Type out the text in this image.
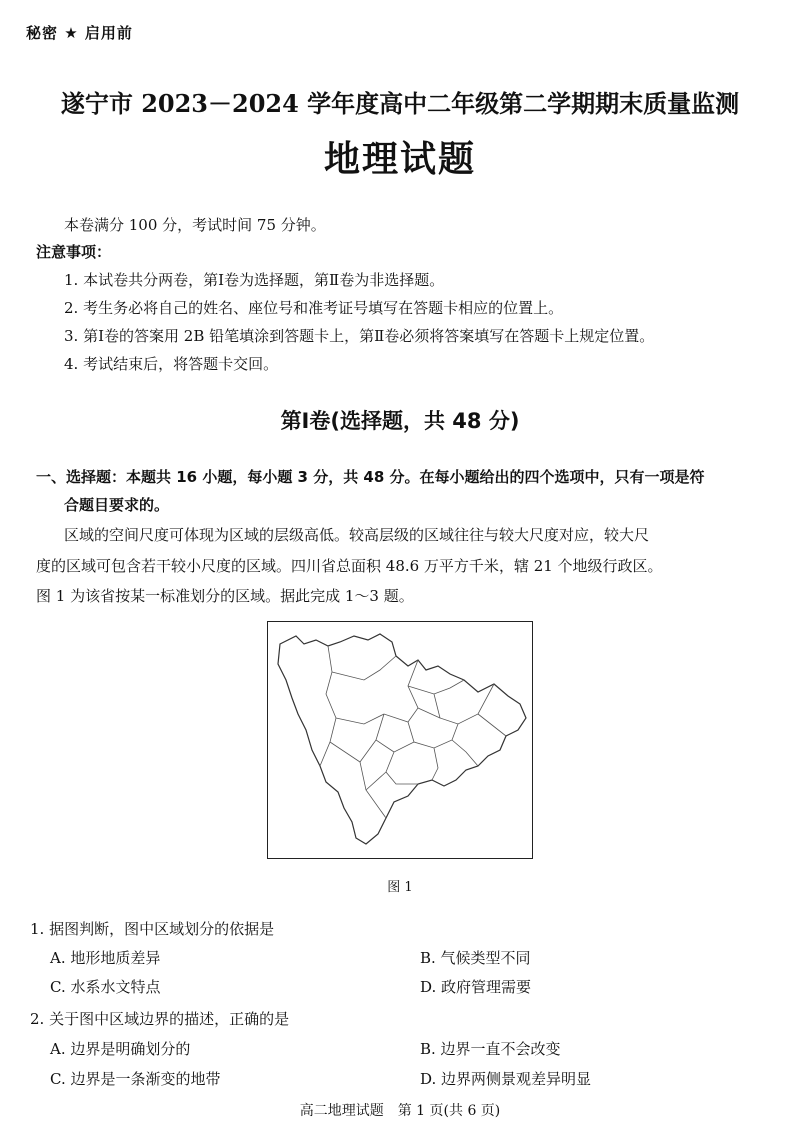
秘密 ★ 启用前
遂宁市 2023－2024 学年度高中二年级第二学期期末质量监测
地理试题
本卷满分 100 分，考试时间 75 分钟。
注意事项：
1. 本试卷共分两卷，第Ⅰ卷为选择题，第Ⅱ卷为非选择题。
2. 考生务必将自己的姓名、座位号和准考证号填写在答题卡相应的位置上。
3. 第Ⅰ卷的答案用 2B 铅笔填涂到答题卡上，第Ⅱ卷必须将答案填写在答题卡上规定位置。
4. 考试结束后，将答题卡交回。
第Ⅰ卷(选择题，共 48 分)
一、选择题：本题共 16 小题，每小题 3 分，共 48 分。在每小题给出的四个选项中，只有一项是符
合题目要求的。
区域的空间尺度可体现为区域的层级高低。较高层级的区域往往与较大尺度对应，较大尺
度的区域可包含若干较小尺度的区域。四川省总面积 48.6 万平方千米，辖 21 个地级行政区。
图 1 为该省按某一标准划分的区域。据此完成 1～3 题。
图 1
1. 据图判断，图中区域划分的依据是
A. 地形地质差异	B. 气候类型不同
C. 水系水文特点	D. 政府管理需要
2. 关于图中区域边界的描述，正确的是
A. 边界是明确划分的	B. 边界一直不会改变
C. 边界是一条渐变的地带	D. 边界两侧景观差异明显
高二地理试题　第 1 页(共 6 页)
